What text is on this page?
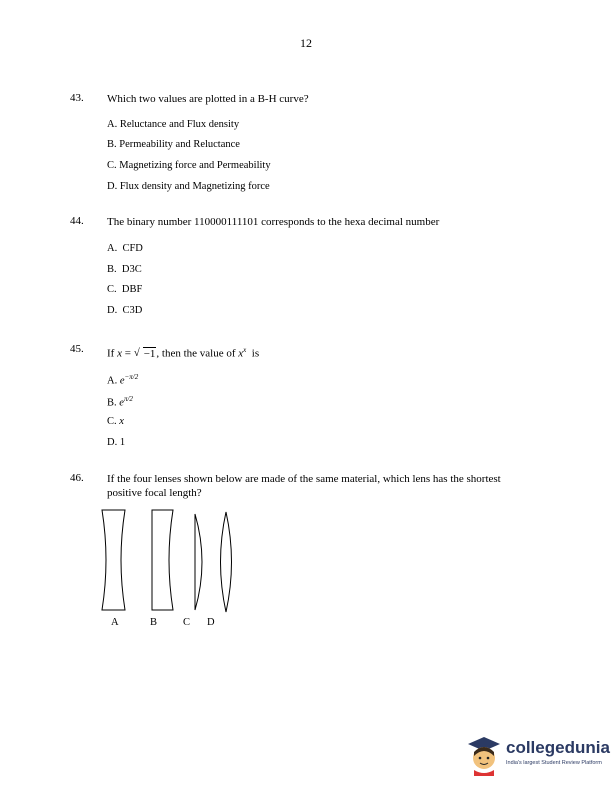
12
43. Which two values are plotted in a B-H curve?
A. Reluctance and Flux density
B. Permeability and Reluctance
C. Magnetizing force and Permeability
D. Flux density and Magnetizing force
44. The binary number 110000111101 corresponds to the hexa decimal number
A.  CFD
B.  D3C
C.  DBF
D.  C3D
45. If x = √ −1, then the value of $x^x$ is
A. $e^{-\pi/2}$
B. $e^{\pi/2}$
C. x
D. 1
46. If the four lenses shown below are made of the same material, which lens has the shortest
positive focal length?
A	B C D
collegedunia
India's largest Student Review Platform
